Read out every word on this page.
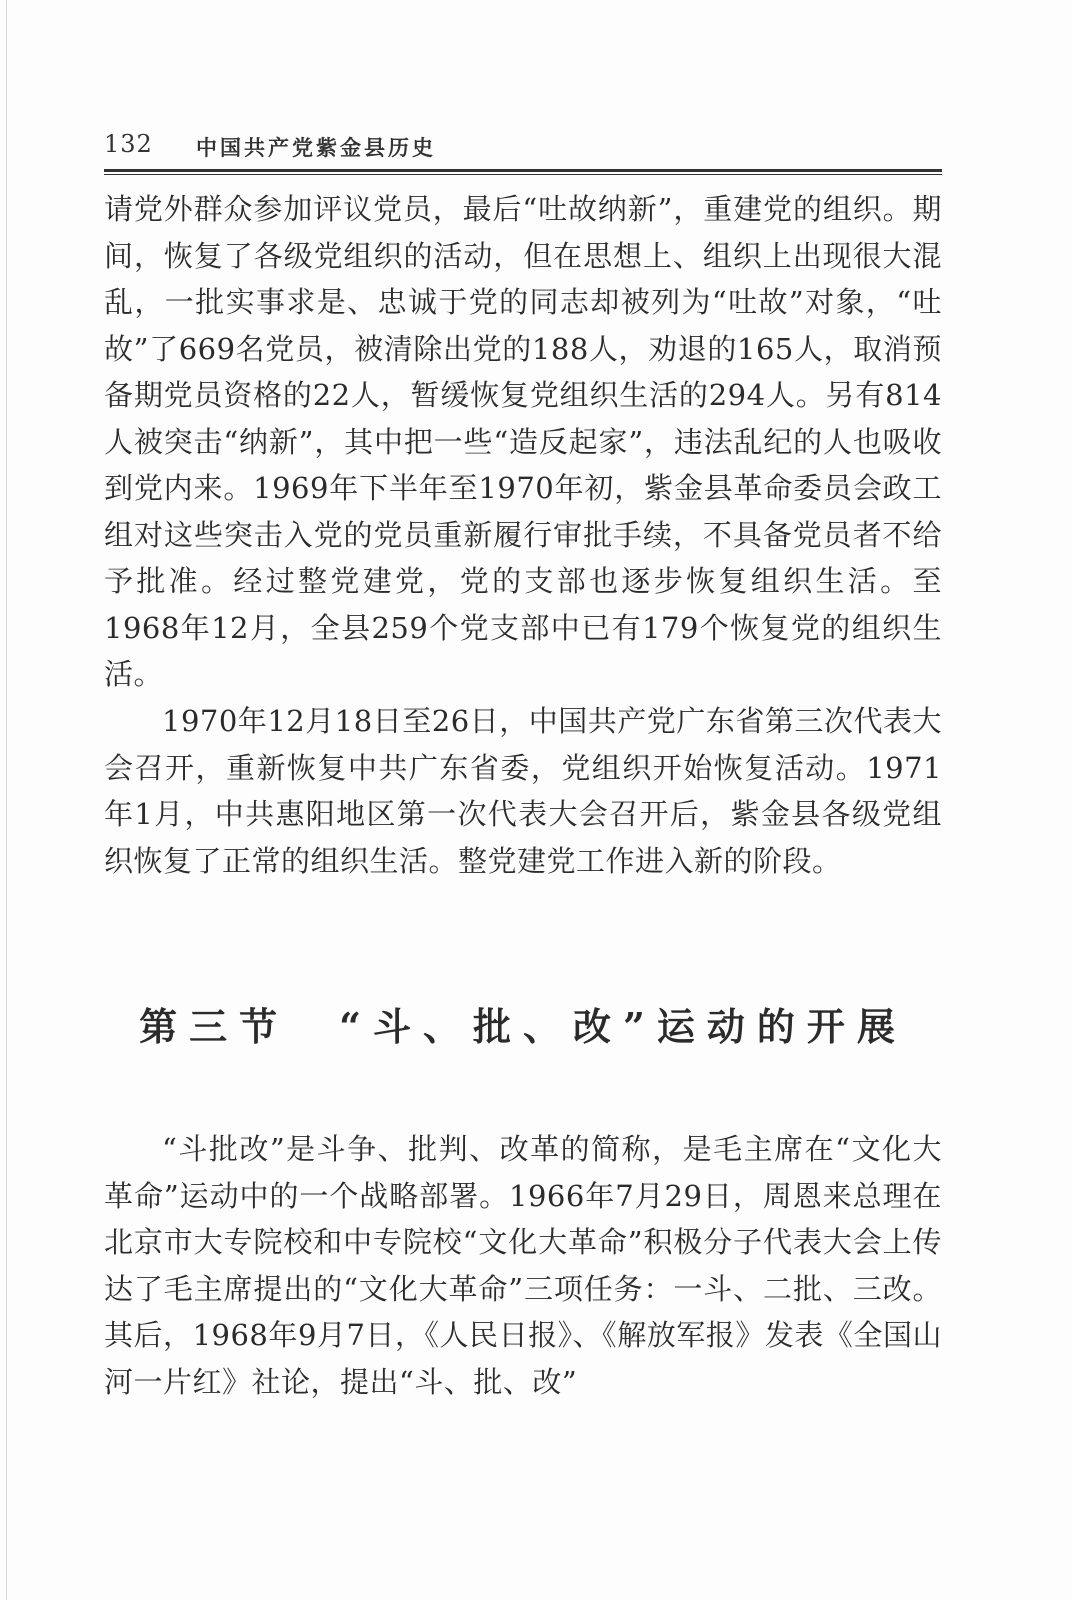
132 中国共产党紫金县历史

请党外群众参加评议党员，最后“吐故纳新”，重建党的组织。期间，恢复了各级党组织的活动，但在思想上、组织上出现很大混乱，一批实事求是、忠诚于党的同志却被列为“吐故”对象，“吐故”了669名党员，被清除出党的188人，劝退的165人，取消预备期党员资格的22人，暂缓恢复党组织生活的294人。另有814人被突击“纳新”，其中把一些“造反起家”，违法乱纪的人也吸收到党内来。1969年下半年至1970年初，紫金县革命委员会政工组对这些突击入党的党员重新履行审批手续，不具备党员者不给予批准。经过整党建党，党的支部也逐步恢复组织生活。至1968年12月，全县259个党支部中已有179个恢复党的组织生活。

1970年12月18日至26日，中国共产党广东省第三次代表大会召开，重新恢复中共广东省委，党组织开始恢复活动。1971年1月，中共惠阳地区第一次代表大会召开后，紫金县各级党组织恢复了正常的组织生活。整党建党工作进入新的阶段。

第三节　“斗、批、改”运动的开展

“斗批改”是斗争、批判、改革的简称，是毛主席在“文化大革命”运动中的一个战略部署。1966年7月29日，周恩来总理在北京市大专院校和中专院校“文化大革命”积极分子代表大会上传达了毛主席提出的“文化大革命”三项任务：一斗、二批、三改。其后，1968年9月7日，《人民日报》、《解放军报》发表《全国山河一片红》社论，提出“斗、批、改”
